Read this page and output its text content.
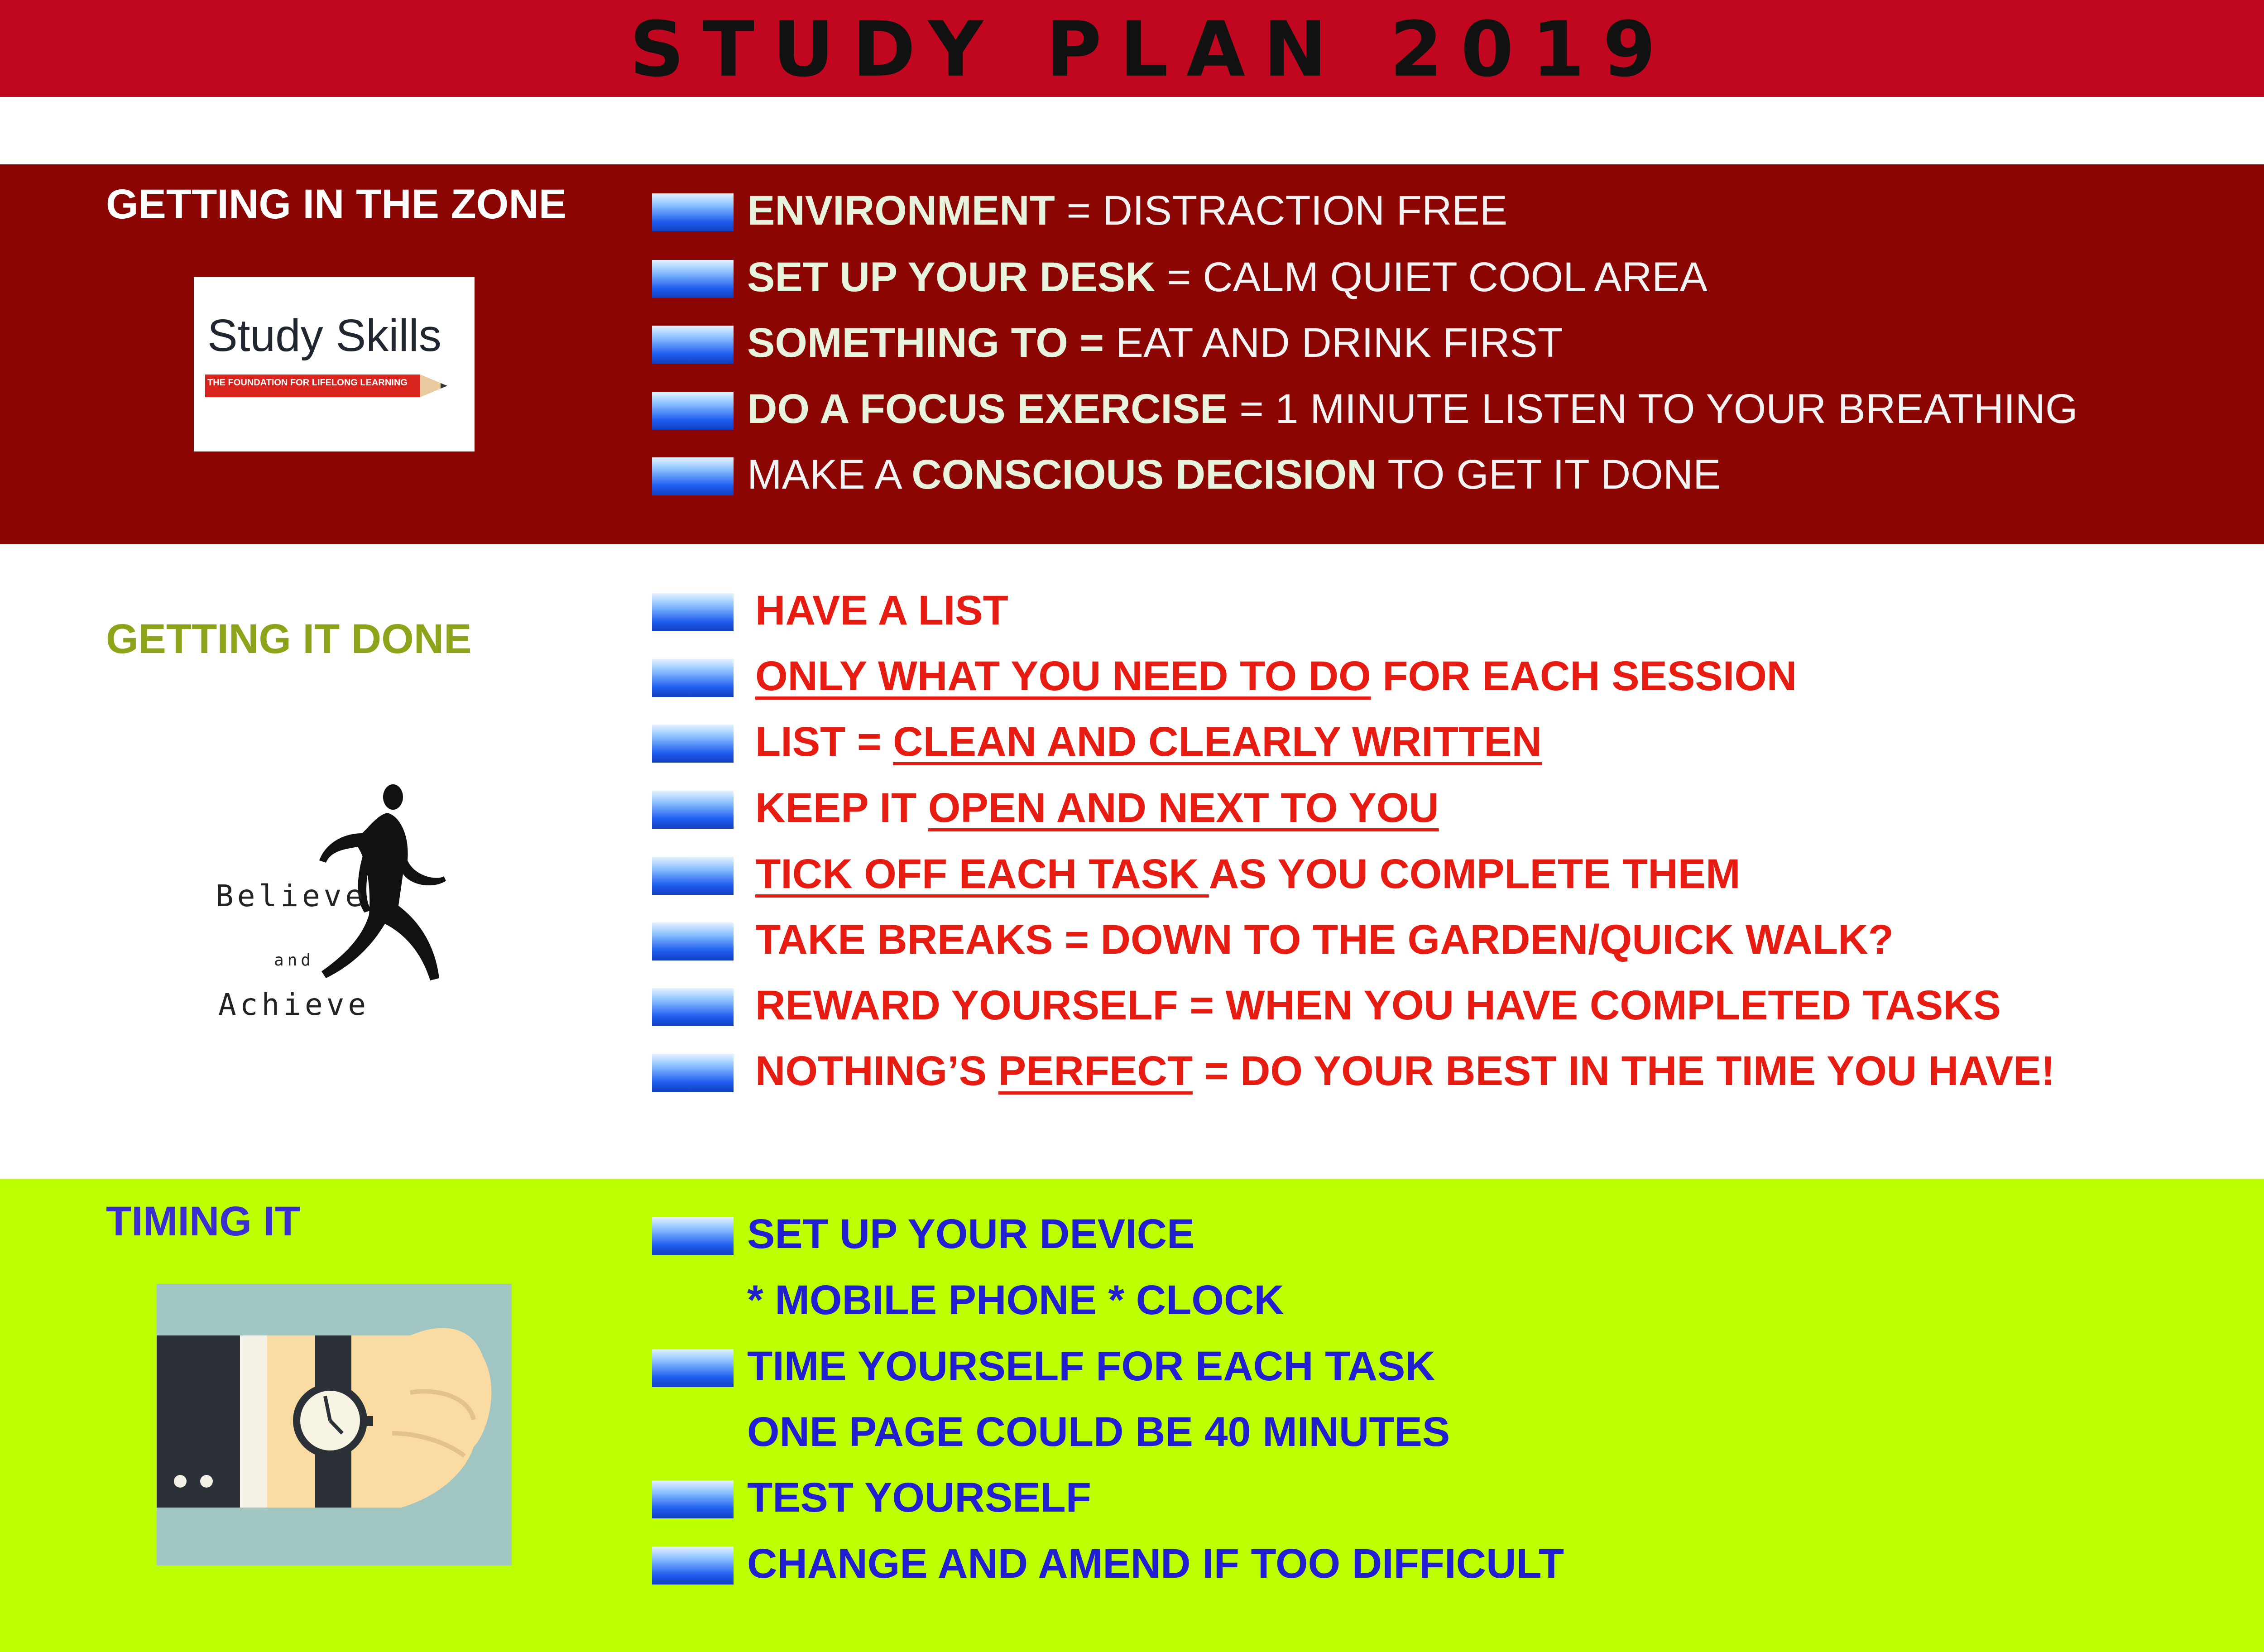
STUDY PLAN 2019
GETTING IN THE ZONE
Study Skills
THE FOUNDATION FOR LIFELONG LEARNING
ENVIRONMENT = DISTRACTION FREE
SET UP YOUR DESK = CALM QUIET COOL AREA
SOMETHING TO = EAT AND DRINK FIRST
DO A FOCUS EXERCISE = 1 MINUTE LISTEN TO YOUR BREATHING
MAKE A CONSCIOUS DECISION TO GET IT DONE
GETTING IT DONE
Believe
and
Achieve
HAVE A LIST
ONLY WHAT YOU NEED TO DO FOR EACH SESSION
LIST = CLEAN AND CLEARLY WRITTEN
KEEP IT OPEN AND NEXT TO YOU
TICK OFF EACH TASK AS YOU COMPLETE THEM
TAKE BREAKS = DOWN TO THE GARDEN/QUICK WALK?
REWARD YOURSELF = WHEN YOU HAVE COMPLETED TASKS
NOTHING’S PERFECT = DO YOUR BEST IN THE TIME YOU HAVE!
TIMING IT	SET UP YOUR DEVICE
* MOBILE PHONE * CLOCK
TIME YOURSELF FOR EACH TASK
ONE PAGE COULD BE 40 MINUTES
TEST YOURSELF
CHANGE AND AMEND IF TOO DIFFICULT
